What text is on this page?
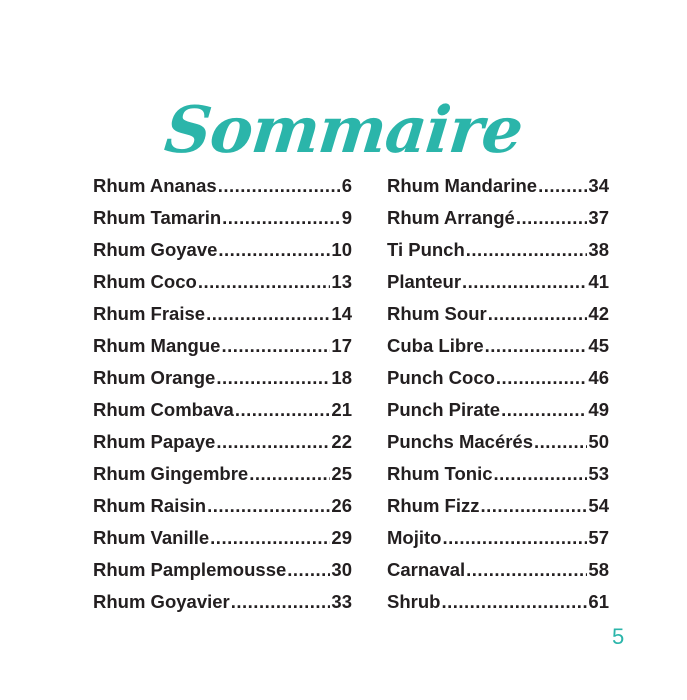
Sommaire
Rhum Ananas .....	6
Rhum Tamarin .....	9
Rhum Goyave .....	10
Rhum Coco .....	13
Rhum Fraise .....	14
Rhum Mangue .....	17
Rhum Orange .....	18
Rhum Combava .....	21
Rhum Papaye .....	22
Rhum Gingembre .....	25
Rhum Raisin .....	26
Rhum Vanille .....	29
Rhum Pamplemousse ..... 30
Rhum Goyavier .....	33
Rhum Mandarine .....	34
Rhum Arrangé .....	37
Ti Punch .....	38
Planteur .....	41
Rhum Sour .....	42
Cuba Libre .....	45
Punch Coco .....	46
Punch Pirate .....	49
Punchs Macérés .....	50
Rhum Tonic .....	53
Rhum Fizz .....	54
Mojito .....	57
Carnaval .....	58
Shrub .....	61
5
